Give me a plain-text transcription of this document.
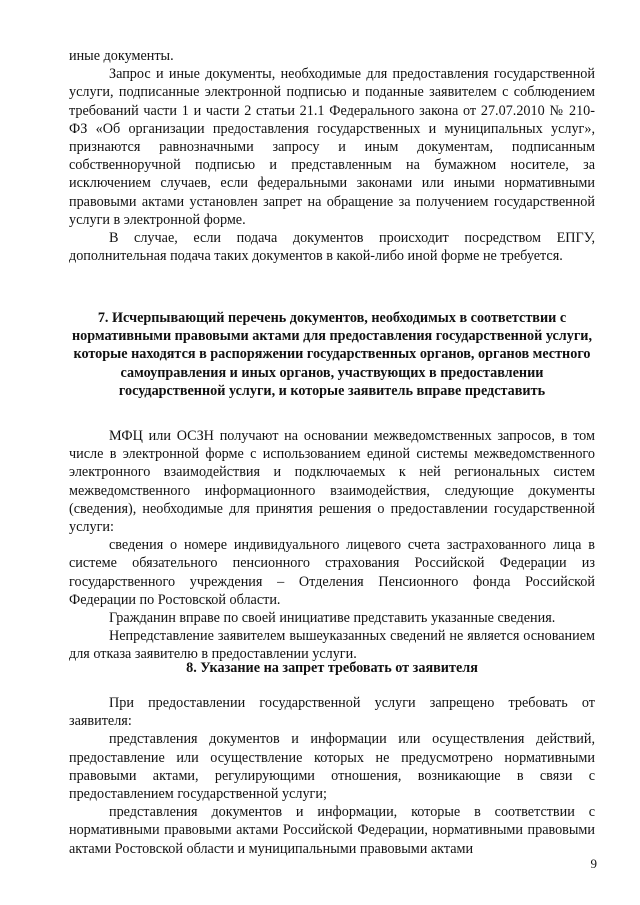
иные документы.

Запрос и иные документы, необходимые для предоставления государственной услуги, подписанные электронной подписью и поданные заявителем с соблюдением требований части 1 и части 2 статьи 21.1 Федерального закона от 27.07.2010 № 210-ФЗ «Об организации предоставления государственных и муниципальных услуг», признаются равнозначными запросу и иным документам, подписанным собственноручной подписью и представленным на бумажном носителе, за исключением случаев, если федеральными законами или иными нормативными правовыми актами установлен запрет на обращение за получением государственной услуги в электронной форме.

В случае, если подача документов происходит посредством ЕПГУ, дополнительная подача таких документов в какой-либо иной форме не требуется.

7. Исчерпывающий перечень документов, необходимых в соответствии с нормативными правовыми актами для предоставления государственной услуги, которые находятся в распоряжении государственных органов, органов местного самоуправления и иных органов, участвующих в предоставлении государственной услуги, и которые заявитель вправе представить

МФЦ или ОСЗН получают на основании межведомственных запросов, в том числе в электронной форме с использованием единой системы межведомственного электронного взаимодействия и подключаемых к ней региональных систем межведомственного информационного взаимодействия, следующие документы (сведения), необходимые для принятия решения о предоставлении государственной услуги:

сведения о номере индивидуального лицевого счета застрахованного лица в системе обязательного пенсионного страхования Российской Федерации из государственного учреждения – Отделения Пенсионного фонда Российской Федерации по Ростовской области.

Гражданин вправе по своей инициативе представить указанные сведения.

Непредставление заявителем вышеуказанных сведений не является основанием для отказа заявителю в предоставлении услуги.

8. Указание на запрет требовать от заявителя

При предоставлении государственной услуги запрещено требовать от заявителя:

представления документов и информации или осуществления действий, предоставление или осуществление которых не предусмотрено нормативными правовыми актами, регулирующими отношения, возникающие в связи с предоставлением государственной услуги;

представления документов и информации, которые в соответствии с нормативными правовыми актами Российской Федерации, нормативными правовыми актами Ростовской области и муниципальными правовыми актами

9
